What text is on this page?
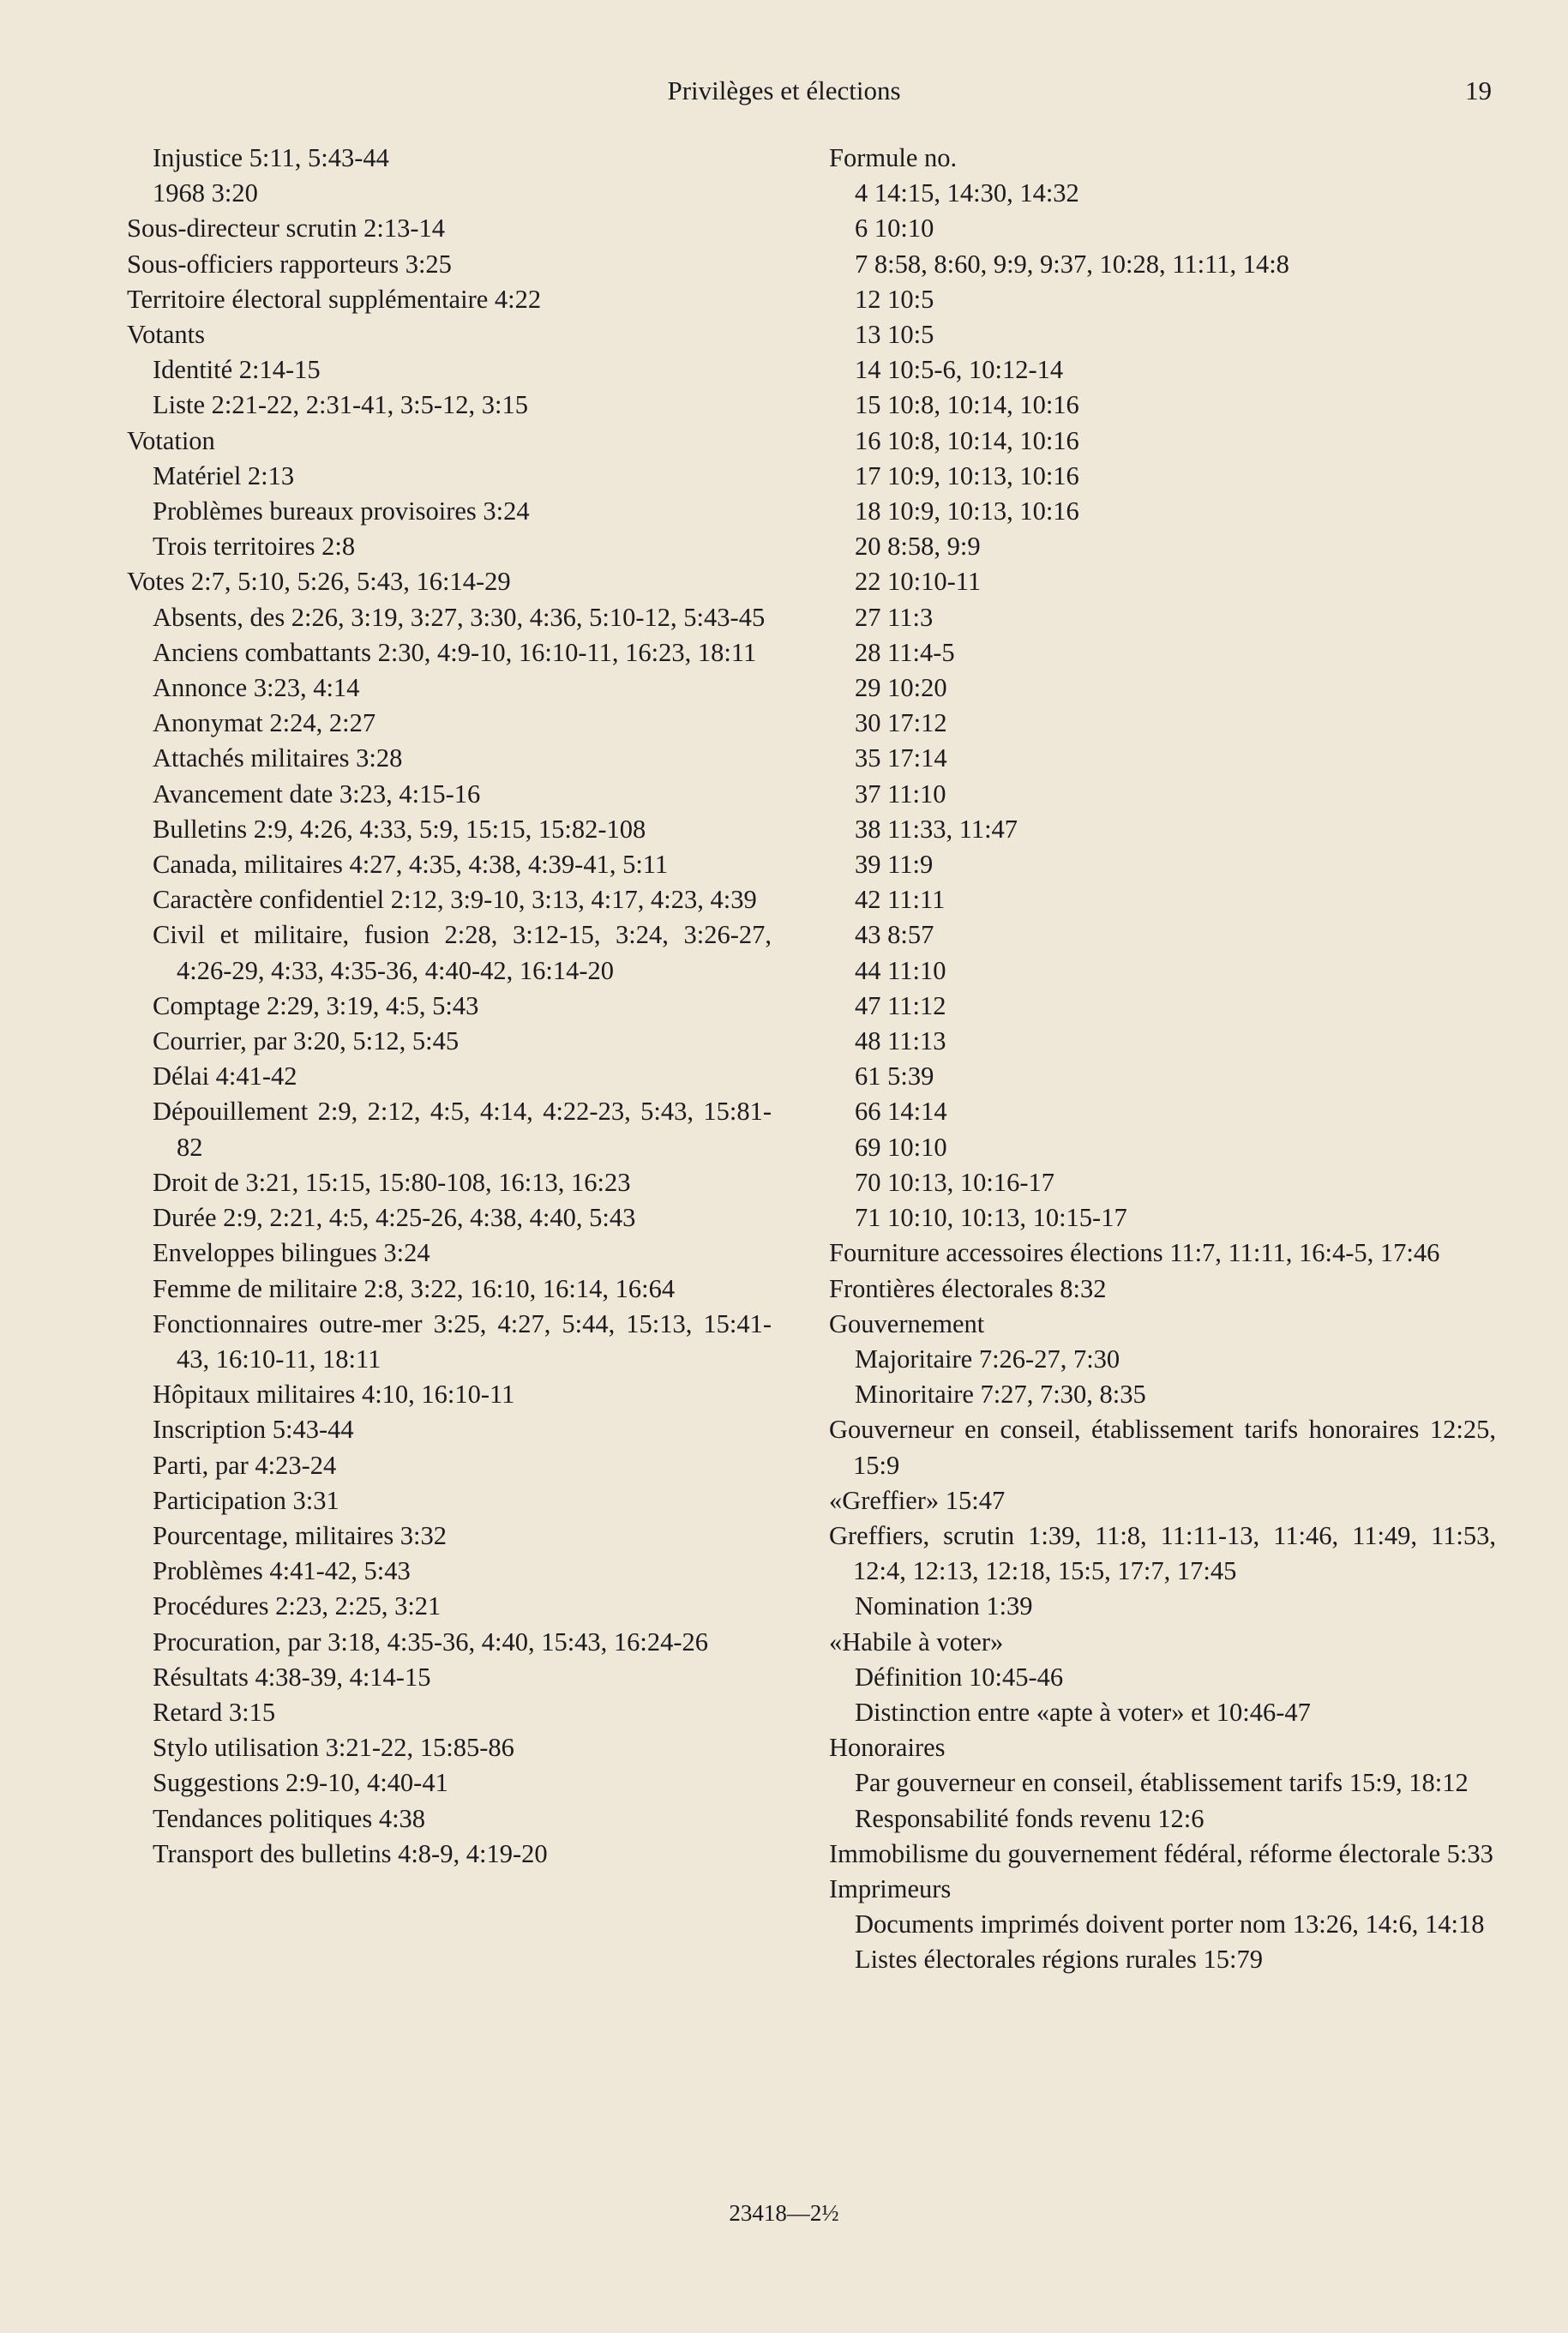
Privilèges et élections	19
Injustice 5:11, 5:43-44
1968 3:20
Sous-directeur scrutin 2:13-14
Sous-officiers rapporteurs 3:25
Territoire électoral supplémentaire 4:22
Votants
Identité 2:14-15
Liste 2:21-22, 2:31-41, 3:5-12, 3:15
Votation
Matériel 2:13
Problèmes bureaux provisoires 3:24
Trois territoires 2:8
Votes 2:7, 5:10, 5:26, 5:43, 16:14-29
Absents, des 2:26, 3:19, 3:27, 3:30, 4:36, 5:10-12, 5:43-45
Anciens combattants 2:30, 4:9-10, 16:10-11, 16:23, 18:11
Annonce 3:23, 4:14
Anonymat 2:24, 2:27
Attachés militaires 3:28
Avancement date 3:23, 4:15-16
Bulletins 2:9, 4:26, 4:33, 5:9, 15:15, 15:82-108
Canada, militaires 4:27, 4:35, 4:38, 4:39-41, 5:11
Caractère confidentiel 2:12, 3:9-10, 3:13, 4:17, 4:23, 4:39
Civil et militaire, fusion 2:28, 3:12-15, 3:24, 3:26-27, 4:26-29, 4:33, 4:35-36, 4:40-42, 16:14-20
Comptage 2:29, 3:19, 4:5, 5:43
Courrier, par 3:20, 5:12, 5:45
Délai 4:41-42
Dépouillement 2:9, 2:12, 4:5, 4:14, 4:22-23, 5:43, 15:81-82
Droit de 3:21, 15:15, 15:80-108, 16:13, 16:23
Durée 2:9, 2:21, 4:5, 4:25-26, 4:38, 4:40, 5:43
Enveloppes bilingues 3:24
Femme de militaire 2:8, 3:22, 16:10, 16:14, 16:64
Fonctionnaires outre-mer 3:25, 4:27, 5:44, 15:13, 15:41-43, 16:10-11, 18:11
Hôpitaux militaires 4:10, 16:10-11
Inscription 5:43-44
Parti, par 4:23-24
Participation 3:31
Pourcentage, militaires 3:32
Problèmes 4:41-42, 5:43
Procédures 2:23, 2:25, 3:21
Procuration, par 3:18, 4:35-36, 4:40, 15:43, 16:24-26
Résultats 4:38-39, 4:14-15
Retard 3:15
Stylo utilisation 3:21-22, 15:85-86
Suggestions 2:9-10, 4:40-41
Tendances politiques 4:38
Transport des bulletins 4:8-9, 4:19-20
Formule no.
4 14:15, 14:30, 14:32
6 10:10
7 8:58, 8:60, 9:9, 9:37, 10:28, 11:11, 14:8
12 10:5
13 10:5
14 10:5-6, 10:12-14
15 10:8, 10:14, 10:16
16 10:8, 10:14, 10:16
17 10:9, 10:13, 10:16
18 10:9, 10:13, 10:16
20 8:58, 9:9
22 10:10-11
27 11:3
28 11:4-5
29 10:20
30 17:12
35 17:14
37 11:10
38 11:33, 11:47
39 11:9
42 11:11
43 8:57
44 11:10
47 11:12
48 11:13
61 5:39
66 14:14
69 10:10
70 10:13, 10:16-17
71 10:10, 10:13, 10:15-17
Fourniture accessoires élections 11:7, 11:11, 16:4-5, 17:46
Frontières électorales 8:32
Gouvernement
Majoritaire 7:26-27, 7:30
Minoritaire 7:27, 7:30, 8:35
Gouverneur en conseil, établissement tarifs honoraires 12:25, 15:9
«Greffier» 15:47
Greffiers, scrutin 1:39, 11:8, 11:11-13, 11:46, 11:49, 11:53, 12:4, 12:13, 12:18, 15:5, 17:7, 17:45
Nomination 1:39
«Habile à voter»
Définition 10:45-46
Distinction entre «apte à voter» et 10:46-47
Honoraires
Par gouverneur en conseil, établissement tarifs 15:9, 18:12
Responsabilité fonds revenu 12:6
Immobilisme du gouvernement fédéral, réforme électorale 5:33
Imprimeurs
Documents imprimés doivent porter nom 13:26, 14:6, 14:18
Listes électorales régions rurales 15:79
23418—2½
